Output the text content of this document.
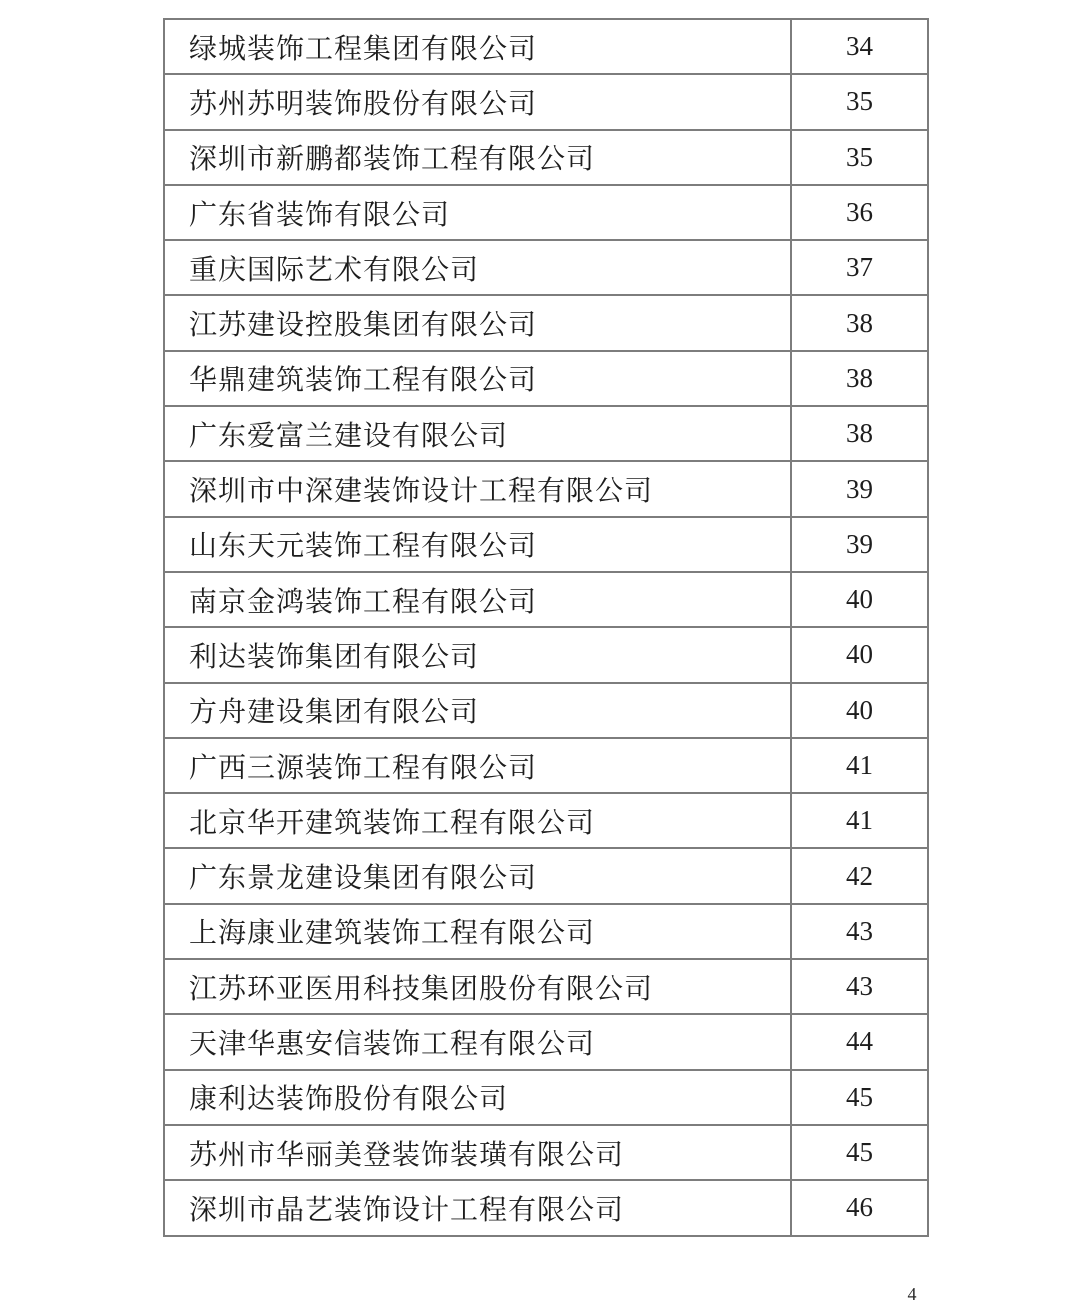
绿城装饰工程集团有限公司	34
苏州苏明装饰股份有限公司	35
深圳市新鹏都装饰工程有限公司	35
广东省装饰有限公司	36
重庆国际艺术有限公司	37
江苏建设控股集团有限公司	38
华鼎建筑装饰工程有限公司	38
广东爱富兰建设有限公司	38
深圳市中深建装饰设计工程有限公司	39
山东天元装饰工程有限公司	39
南京金鸿装饰工程有限公司	40
利达装饰集团有限公司	40
方舟建设集团有限公司	40
广西三源装饰工程有限公司	41
北京华开建筑装饰工程有限公司	41
广东景龙建设集团有限公司	42
上海康业建筑装饰工程有限公司	43
江苏环亚医用科技集团股份有限公司	43
天津华惠安信装饰工程有限公司	44
康利达装饰股份有限公司	45
苏州市华丽美登装饰装璜有限公司	45
深圳市晶艺装饰设计工程有限公司	46
4
